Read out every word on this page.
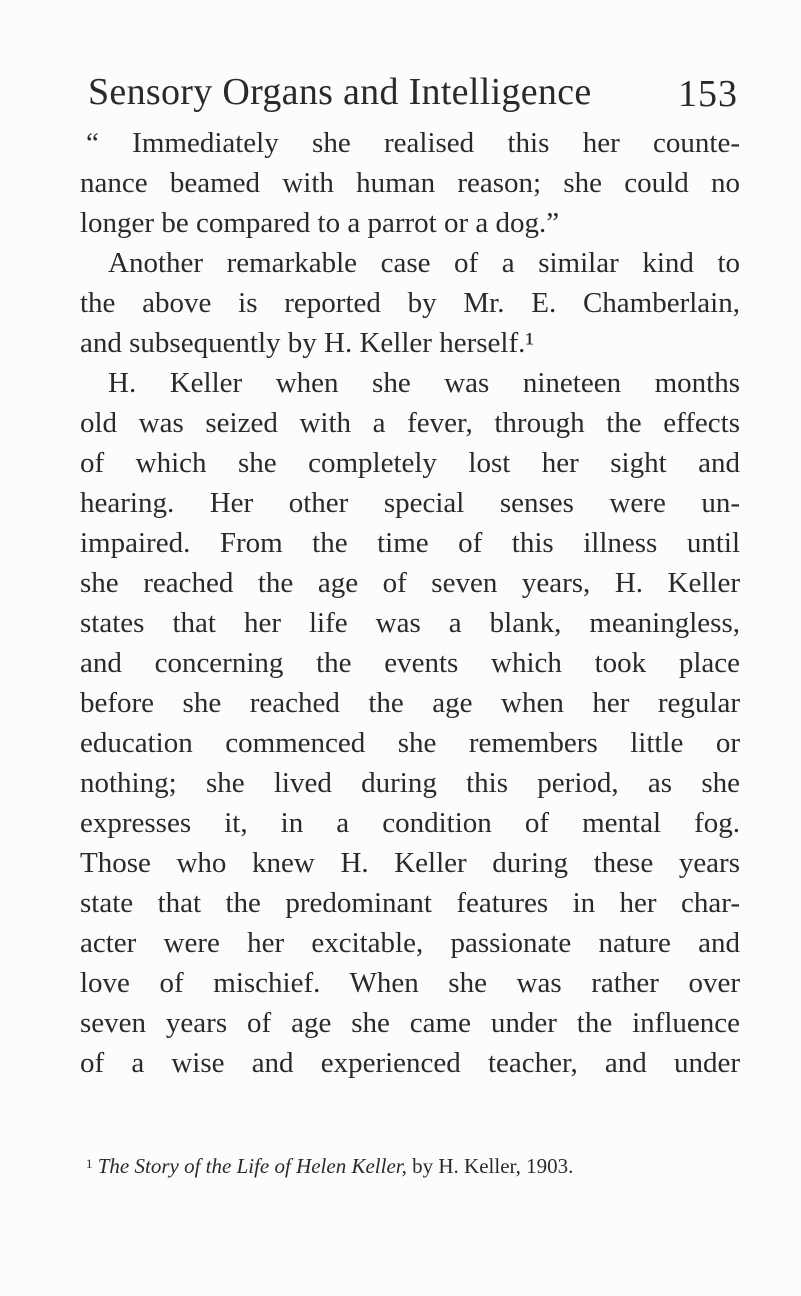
Sensory Organs and Intelligence 153
“ Immediately she realised this her counte-
nance beamed with human reason; she could no
longer be compared to a parrot or a dog.”
Another remarkable case of a similar kind to
the above is reported by Mr. E. Chamberlain,
and subsequently by H. Keller herself.¹
H. Keller when she was nineteen months
old was seized with a fever, through the effects
of which she completely lost her sight and
hearing. Her other special senses were un-
impaired. From the time of this illness until
she reached the age of seven years, H. Keller
states that her life was a blank, meaningless,
and concerning the events which took place
before she reached the age when her regular
education commenced she remembers little or
nothing; she lived during this period, as she
expresses it, in a condition of mental fog.
Those who knew H. Keller during these years
state that the predominant features in her char-
acter were her excitable, passionate nature and
love of mischief. When she was rather over
seven years of age she came under the influence
of a wise and experienced teacher, and under
$^1$ The Story of the Life of Helen Keller, by H. Keller, 1903.
